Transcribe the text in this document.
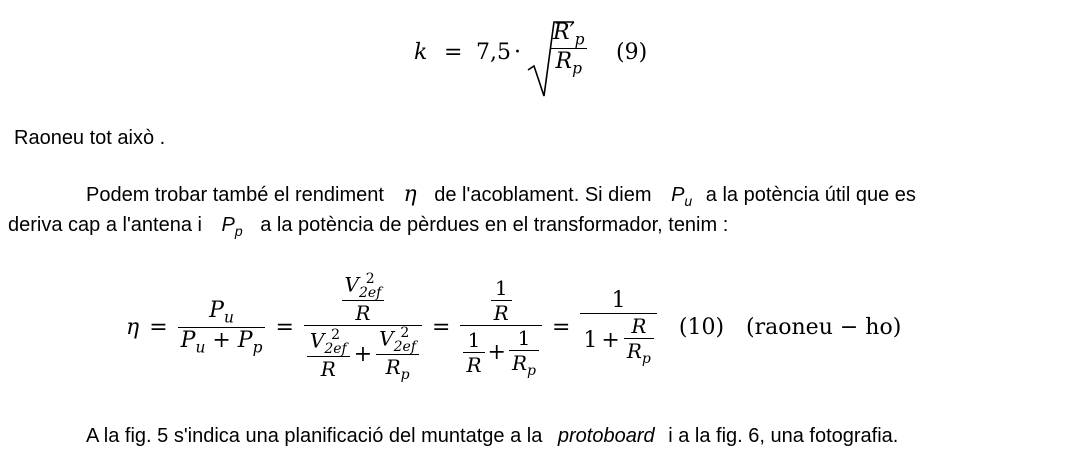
k = 7,5 ·
$R'_p$
$R_p$
(9)
Raoneu tot això .
Podem trobar també el rendiment η de l'acoblament. Si diem $P_u$ a la potència útil que es
deriva cap a l'antena i $P_p$ a la potència de pèrdues en el transformador, tenim :
$\eta = \frac{P_u}{P_u + P_p}$ =
V 2
2ef
R
V 2
2ef
R + V 2
2ef
$R_p$ =
$\frac{1}{R}$
$\frac{1}{R} + \frac{1}{R_p} = \frac{1}{1 + \frac{R}{R_p}} (10)$ (raoneu − ho)
A la fig. 5 s'indica una planificació del muntatge a la protoboard i a la fig. 6, una fotografia.
